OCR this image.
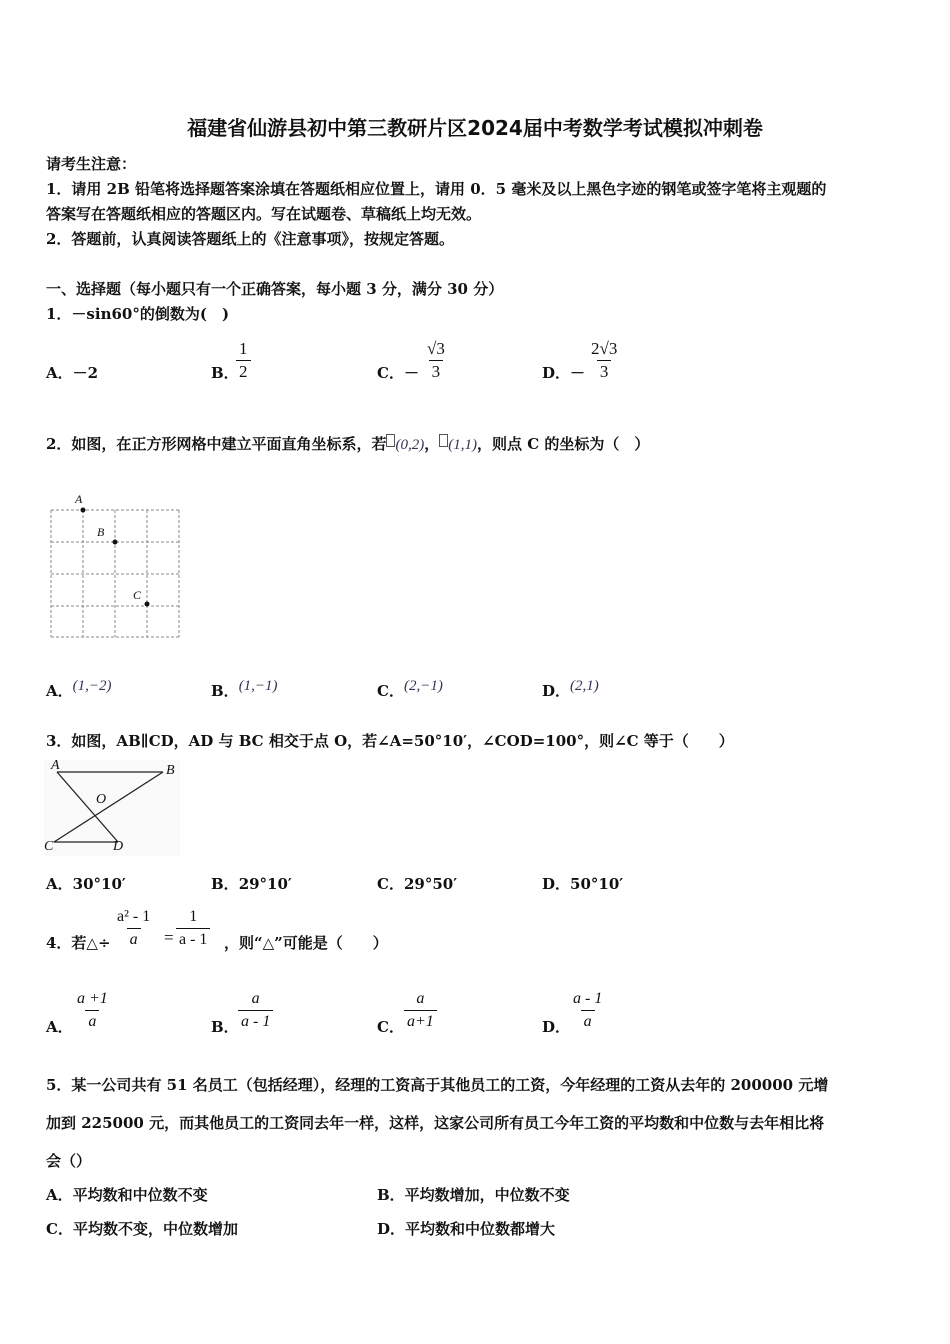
福建省仙游县初中第三教研片区2024届中考数学考试模拟冲刺卷
请考生注意：
1．请用 2B 铅笔将选择题答案涂填在答题纸相应位置上，请用 0．5 毫米及以上黑色字迹的钢笔或签字笔将主观题的
答案写在答题纸相应的答题区内。写在试题卷、草稿纸上均无效。
2．答题前，认真阅读答题纸上的《注意事项》，按规定答题。
一、选择题（每小题只有一个正确答案，每小题 3 分，满分 30 分）
1．－sin60°的倒数为(　)
A．－2	B．
$\frac{1}{2}$	C．－ $\frac{√3}{3}$	D．－ $\frac{2√3}{3}$
2．如图，在正方形网格中建立平面直角坐标系，若 (0,2)， (1,1)，则点 C 的坐标为（　）
A
B
C
A．(1,−2)	B．(1,−1)	C．(2,−1)	D．(2,1)
3．如图，AB∥CD，AD 与 BC 相交于点 O，若∠A=50°10′，∠COD=100°，则∠C 等于（　　）
A	B
O
C	D
A．30°10′	B．29°10′	C．29°50′	D．50°10′
4．若△÷ $\frac{\text{a² - 1}}{a} = \frac{1}{a - 1}$ ，则“△”可能是（　　）
A． $\frac{a +1}{a}$	B． $\frac{a}{a - 1}$	C． $\frac{a}{a+1}$	D． $\frac{a - 1}{a}$
5．某一公司共有 51 名员工（包括经理），经理的工资高于其他员工的工资，今年经理的工资从去年的 200000 元增
加到 225000 元，而其他员工的工资同去年一样，这样，这家公司所有员工今年工资的平均数和中位数与去年相比将
会（）
A．平均数和中位数不变	B．平均数增加，中位数不变
C．平均数不变，中位数增加	D．平均数和中位数都增大
